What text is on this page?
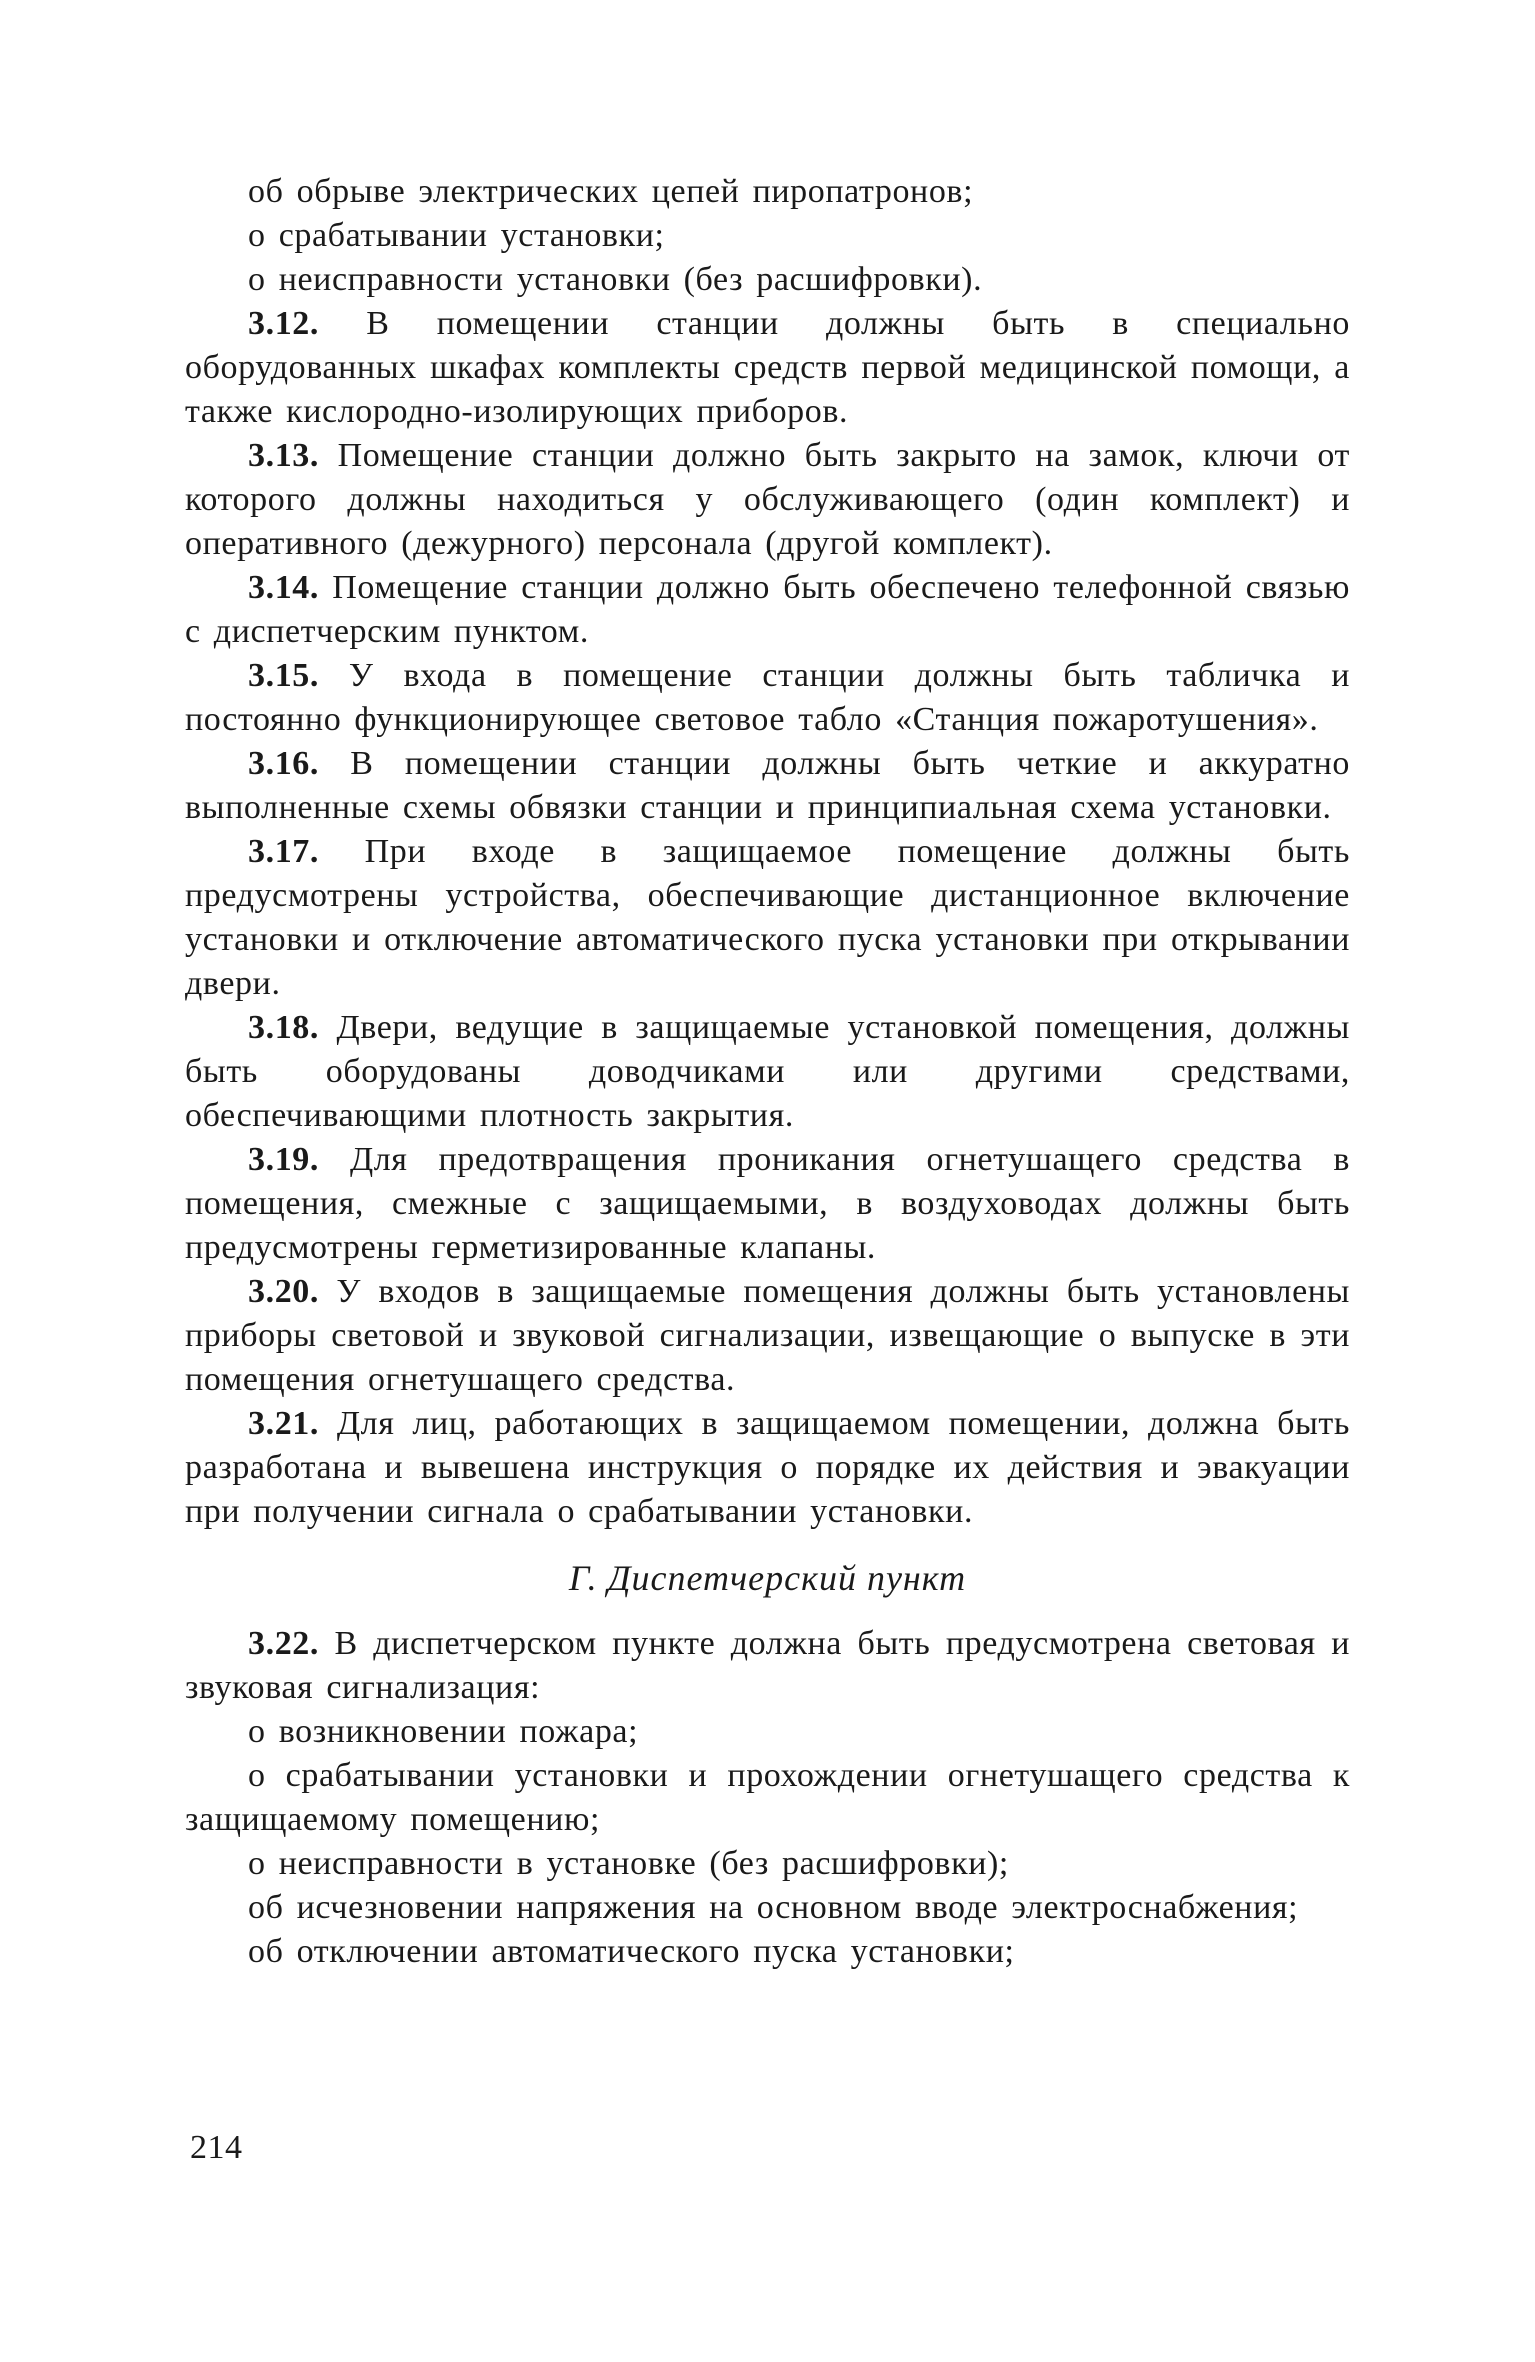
об обрыве электрических цепей пиропатронов;

о срабатывании установки;

о неисправности установки (без расшифровки).

3.12. В помещении станции должны быть в специально оборудованных шкафах комплекты средств первой медицинской помощи, а также кислородно-изолирующих приборов.

3.13. Помещение станции должно быть закрыто на замок, ключи от которого должны находиться у обслуживающего (один комплект) и оперативного (дежурного) персонала (другой комплект).

3.14. Помещение станции должно быть обеспечено телефонной связью с диспетчерским пунктом.

3.15. У входа в помещение станции должны быть табличка и постоянно функционирующее световое табло «Станция пожаротушения».

3.16. В помещении станции должны быть четкие и аккуратно выполненные схемы обвязки станции и принципиальная схема установки.

3.17. При входе в защищаемое помещение должны быть предусмотрены устройства, обеспечивающие дистанционное включение установки и отключение автоматического пуска установки при открывании двери.

3.18. Двери, ведущие в защищаемые установкой помещения, должны быть оборудованы доводчиками или другими средствами, обеспечивающими плотность закрытия.

3.19. Для предотвращения проникания огнетушащего средства в помещения, смежные с защищаемыми, в воздуховодах должны быть предусмотрены герметизированные клапаны.

3.20. У входов в защищаемые помещения должны быть установлены приборы световой и звуковой сигнализации, извещающие о выпуске в эти помещения огнетушащего средства.

3.21. Для лиц, работающих в защищаемом помещении, должна быть разработана и вывешена инструкция о порядке их действия и эвакуации при получении сигнала о срабатывании установки.

Г. Диспетчерский пункт

3.22. В диспетчерском пункте должна быть предусмотрена световая и звуковая сигнализация:

о возникновении пожара;

о срабатывании установки и прохождении огнетушащего средства к защищаемому помещению;

о неисправности в установке (без расшифровки);

об исчезновении напряжения на основном вводе электроснабжения;

об отключении автоматического пуска установки;

214
